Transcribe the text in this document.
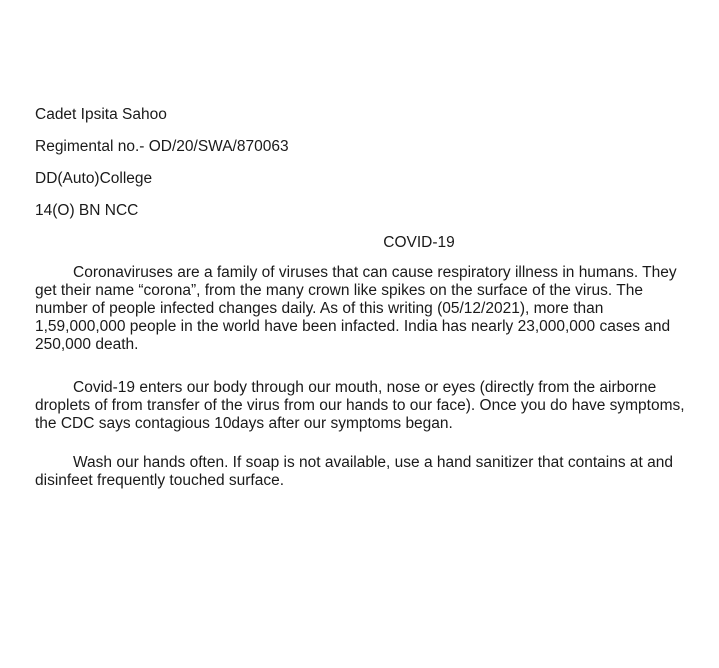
Cadet Ipsita Sahoo
Regimental no.- OD/20/SWA/870063
DD(Auto)College
14(O) BN NCC
COVID-19
Coronaviruses are a family of viruses that can cause respiratory illness in humans. They
get their name “corona”, from the many crown like spikes on the surface of the virus. The
number of people infected changes daily. As of this writing (05/12/2021), more than
1,59,000,000 people in the world have been infacted. India has nearly 23,000,000 cases and
250,000 death.
Covid-19 enters our body through our mouth, nose or eyes (directly from the airborne
droplets of from transfer of the virus from our hands to our face). Once you do have symptoms,
the CDC says contagious 10days after our symptoms began.
Wash our hands often. If soap is not available, use a hand sanitizer that contains at and
disinfeet frequently touched surface.
